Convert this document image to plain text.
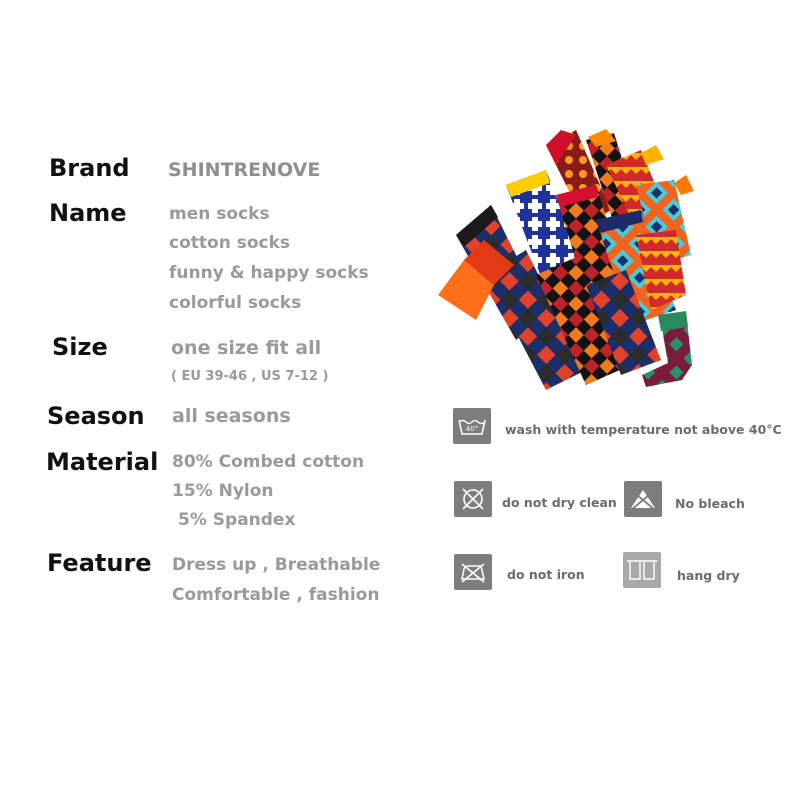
Brand SHINTRENOVE
Name men socks
cotton socks
funny & happy socks
colorful socks
Size	one size fit all
( EU 39-46 , US 7-12 )
Season all seasons
Material 80% Combed cotton
15% Nylon
5% Spandex
Feature Dress up , Breathable
Comfortable , fashion
40° wash with temperature not above 40°C
do not dry clean	No bleach
do not iron	hang dry
